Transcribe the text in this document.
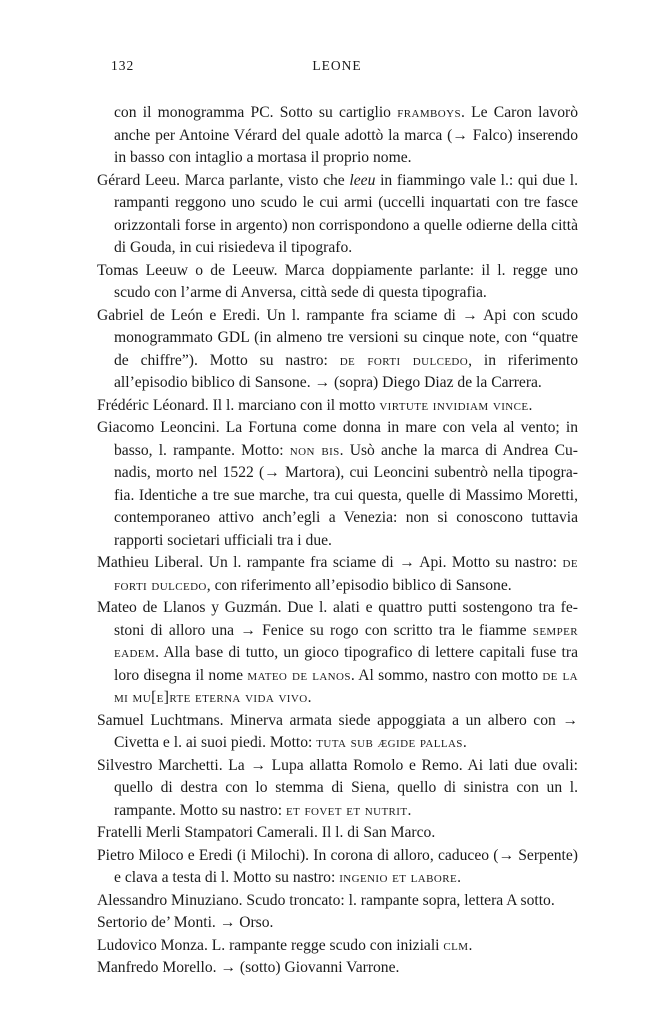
132	LEONE

con il monogramma PC. Sotto su cartiglio framboys. Le Caron lavorò anche per Antoine Vérard del quale adottò la marca (→ Falco) inserendo in basso con intaglio a mortasa il proprio nome.

Gérard Leeu. Marca parlante, visto che leeu in fiammingo vale l.: qui due l. rampanti reggono uno scudo le cui armi (uccelli inquartati con tre fasce orizzontali forse in argento) non corrispondono a quelle odierne della città di Gouda, in cui risiedeva il tipografo.

Tomas Leeuw o de Leeuw. Marca doppiamente parlante: il l. regge uno scudo con l’arme di Anversa, città sede di questa tipografia.

Gabriel de León e Eredi. Un l. rampante fra sciame di → Api con scudo monogrammato GDL (in almeno tre versioni su cinque note, con “quatre de chiffre”). Motto su nastro: de forti dulcedo, in riferimento all’episodio biblico di Sansone. → (sopra) Diego Diaz de la Carrera.

Frédéric Léonard. Il l. marciano con il motto virtute invidiam vince.

Giacomo Leoncini. La Fortuna come donna in mare con vela al vento; in basso, l. rampante. Motto: non bis. Usò anche la marca di Andrea Cunadis, morto nel 1522 (→ Martora), cui Leoncini subentrò nella tipografia. Identiche a tre sue marche, tra cui questa, quelle di Massimo Moretti, contemporaneo attivo anch’egli a Venezia: non si conoscono tuttavia rapporti societari ufficiali tra i due.

Mathieu Liberal. Un l. rampante fra sciame di → Api. Motto su nastro: de forti dulcedo, con riferimento all’episodio biblico di Sansone.

Mateo de Llanos y Guzmán. Due l. alati e quattro putti sostengono tra festoni di alloro una → Fenice su rogo con scritto tra le fiamme semper eadem. Alla base di tutto, un gioco tipografico di lettere capitali fuse tra loro disegna il nome mateo de lanos. Al sommo, nastro con motto de la mi mu[e]rte eterna vida vivo.

Samuel Luchtmans. Minerva armata siede appoggiata a un albero con → Civetta e l. ai suoi piedi. Motto: tuta sub ægide pallas.

Silvestro Marchetti. La → Lupa allatta Romolo e Remo. Ai lati due ovali: quello di destra con lo stemma di Siena, quello di sinistra con un l. rampante. Motto su nastro: et fovet et nutrit.

Fratelli Merli Stampatori Camerali. Il l. di San Marco.

Pietro Miloco e Eredi (i Milochi). In corona di alloro, caduceo (→ Serpente) e clava a testa di l. Motto su nastro: ingenio et labore.

Alessandro Minuziano. Scudo troncato: l. rampante sopra, lettera A sotto.

Sertorio de’ Monti. → Orso.

Ludovico Monza. L. rampante regge scudo con iniziali clm.

Manfredo Morello. → (sotto) Giovanni Varrone.
